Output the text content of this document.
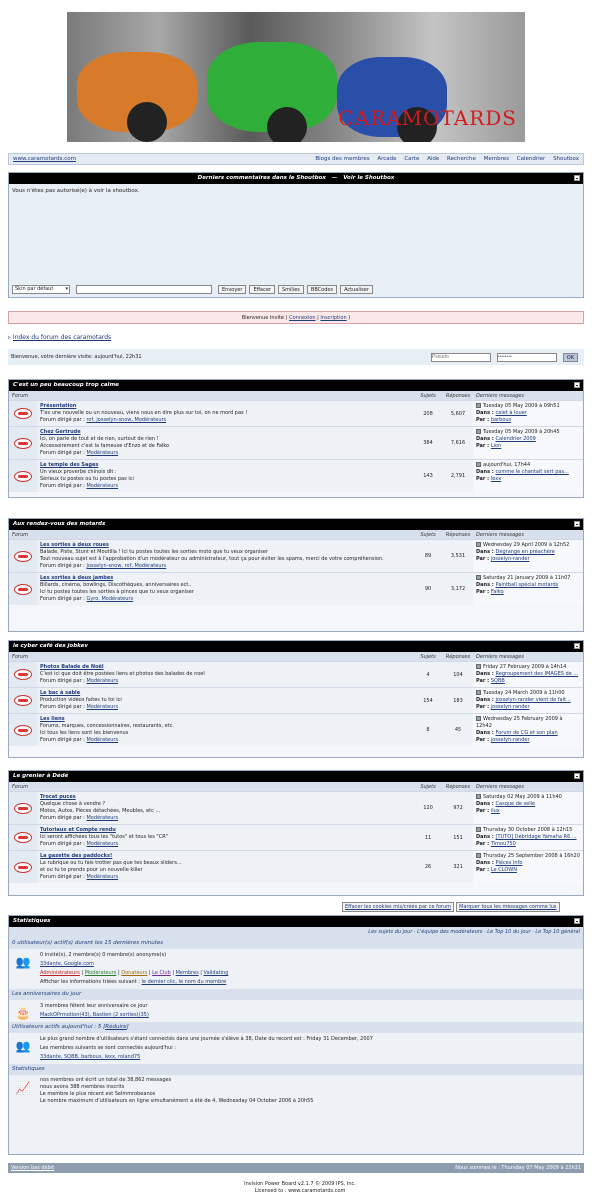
CARAMOTARDS
www.caramotards.com	Blogs des membres Arcade Carte Aide Recherche Membres Calendrier Shoutbox
Derniers commentaires dans le Shoutbox — Voir le Shoutbox
Vous n'êtes pas autorisé(e) à voir la shoutbox.
Skin par défaut ▾	Envoyer	Effacer	Smilies	BBCodes	Actualiser
Bienvenue Invité ( Connexion | Inscription )
▹ Index du forum des caramotards
Bienvenue, votre dernière visite: aujourd'hui, 22h31
Pseudo
••••••••	OK
C'est un peu beaucoup trop calme
Forum	Sujets	Réponses	Derniers messages
Présentation
T'es une nouvelle ou un nouveau, viens nous en dire plus sur toi, on ne mord pas !
Forum dirigé par : rof, josselyn-snow, Modérateurs
208	5,607
Tuesday 05 May 2009 à 09h51
Dans : calet à louer
Par : barbous
Chez Gertrude
Ici, on parle de tout et de rien, surtout de rien !
Accessoirement c'est la fameuse d'Enzo et de Falko
Forum dirigé par : Modérateurs
384	7,616
Tuesday 05 May 2009 à 20h45
Dans : Calendrier 2009
Par : Lion
Le temple des Sages
Un vieux proverbe chinois dit :
Sérieux tu postes ou tu postes pas ici
Forum dirigé par : Modérateurs
143	2,791
aujourd'hui, 17h44
Dans : comme le chantait sert pas...
Par : lexx
Aux rendez-vous des motards
Forum	Sujets	Réponses	Derniers messages
Les sorties à deux roues
Balade, Piste, Stunt et Moutilla ! Ici tu postes toutes les sorties moto que tu veux organiser
Tout nouveau sujet est à l'approbation d'un modérateur ou administrateur, tout ça pour éviter les spams, merci de votre compréhension.
Forum dirigé par : josselyn-snow, rof, Modérateurs
89	3,531
Wednesday 29 April 2009 à 12h52
Dans : Dégrange en préachère
Par : josselyn-rander
Les sorties à deux jambes
Billards, cinéma, bowlings, Discothèques, anniversaires ect..
Ici tu postes toutes les sorties à pinces que tu veux organiser
Forum dirigé par : Gyro, Modérateurs
90	3,172
Saturday 21 January 2009 à 11h07
Dans : Paintball spécial motards
Par : Falko
le cyber café des jobkev
Forum	Sujets	Réponses	Derniers messages
Photos Balade de Noël
C'est ici que doit être postées liens et photos des balades de noel
Forum dirigé par : Modérateurs
4	104
Friday 27 February 2009 à 14h14
Dans : Regroupement des IMAGES de ...
Par : SQBB
Le bac à sable
Production vidéos faites tu toi ici
Forum dirigé par : Modérateurs
154	183
Tuesday 24 March 2009 à 11h00
Dans : josselyn-rander vient de fait...
Par : josselyn-rander
Les liens
Forums, marques, concessionnaires, restaurants, etc.
Ici tous les liens sont les bienvenus
Forum dirigé par : Modérateurs
8	45
Wednesday 25 February 2009 à 12h42
Dans : Forum de CG et son plan
Par : josselyn-rander
Le grenier à Dédé
Forum	Sujets	Réponses	Derniers messages
Trocat puces
Quelque chose à vendre ?
Motos, Autos, Pièces détachées, Meubles, etc ...
Forum dirigé par : Modérateurs
120	972
Saturday 02 May 2009 à 11h40
Dans : Casque de selle
Par : ilux
Tutoriaux et Compte rendu
Ici seront affichées tous les "tutos" et tous les "CR"
Forum dirigé par : Modérateurs
11	151
Thursday 30 October 2008 à 12h15
Dans : [TUTO] Débridage Yamaha R6 ...
Par : Timou750
La gazette des paddocks!
La rubrique ou tu fais trotter pas que tes beaux sliders...
et ou tu te prends pour un nouvelle killer
Forum dirigé par : Modérateurs
26	321
Thursday 25 September 2008 à 16h20
Dans : Pièces Info
Par : Le CLOWN
Effacer les cookies mis/créés par ce forum	Marquer tous les messages comme lus
Statistiques
Les sujets du jour · L'équipe des modérateurs · Le Top 10 du jour · Le Top 10 général
0 utilisateur(s) actif(s) durant les 15 dernières minutes
👥 0 invité(s), 2 membre(s) 0 membre(s) anonyme(s)
33dante, Google.com
Administrateurs | Modérateurs | Donateurs | Le Club | Membres | Validating
Afficher les informations triées suivant : le dernier clic, le nom du membre
Les anniversaires du jour
🎂 3 membres fêtent leur anniversaire ce jour
MackOPrmotion(43), Bastien (2 sorties)(35)
Utilisateurs actifs aujourd'hui : 5 [Réduire]
👥 Le plus grand nombre d'utilisateurs s'étant connectés dans une journée s'élève à 38, Date du record est : Friday 31 December, 2007
Les membres suivants se sont connectés aujourd'hui :
33dante, SQBB, barbous, lexx, roland75
Statistiques
📈
nos membres ont écrit un total de 38,862 messages
nous avons 388 membres inscrits
Le membre le plus récent est Selmmrobeanos
Le nombre maximum d'utilisateurs en ligne simultanément a été de 4, Wednesday 04 October 2006 à 20h55
Version bas débit	Nous sommes le : Thursday 07 May 2009 à 22h31
Invision Power Board v2.1.7 © 2009 IPS, Inc.
Licensed to : www.caramotards.com
